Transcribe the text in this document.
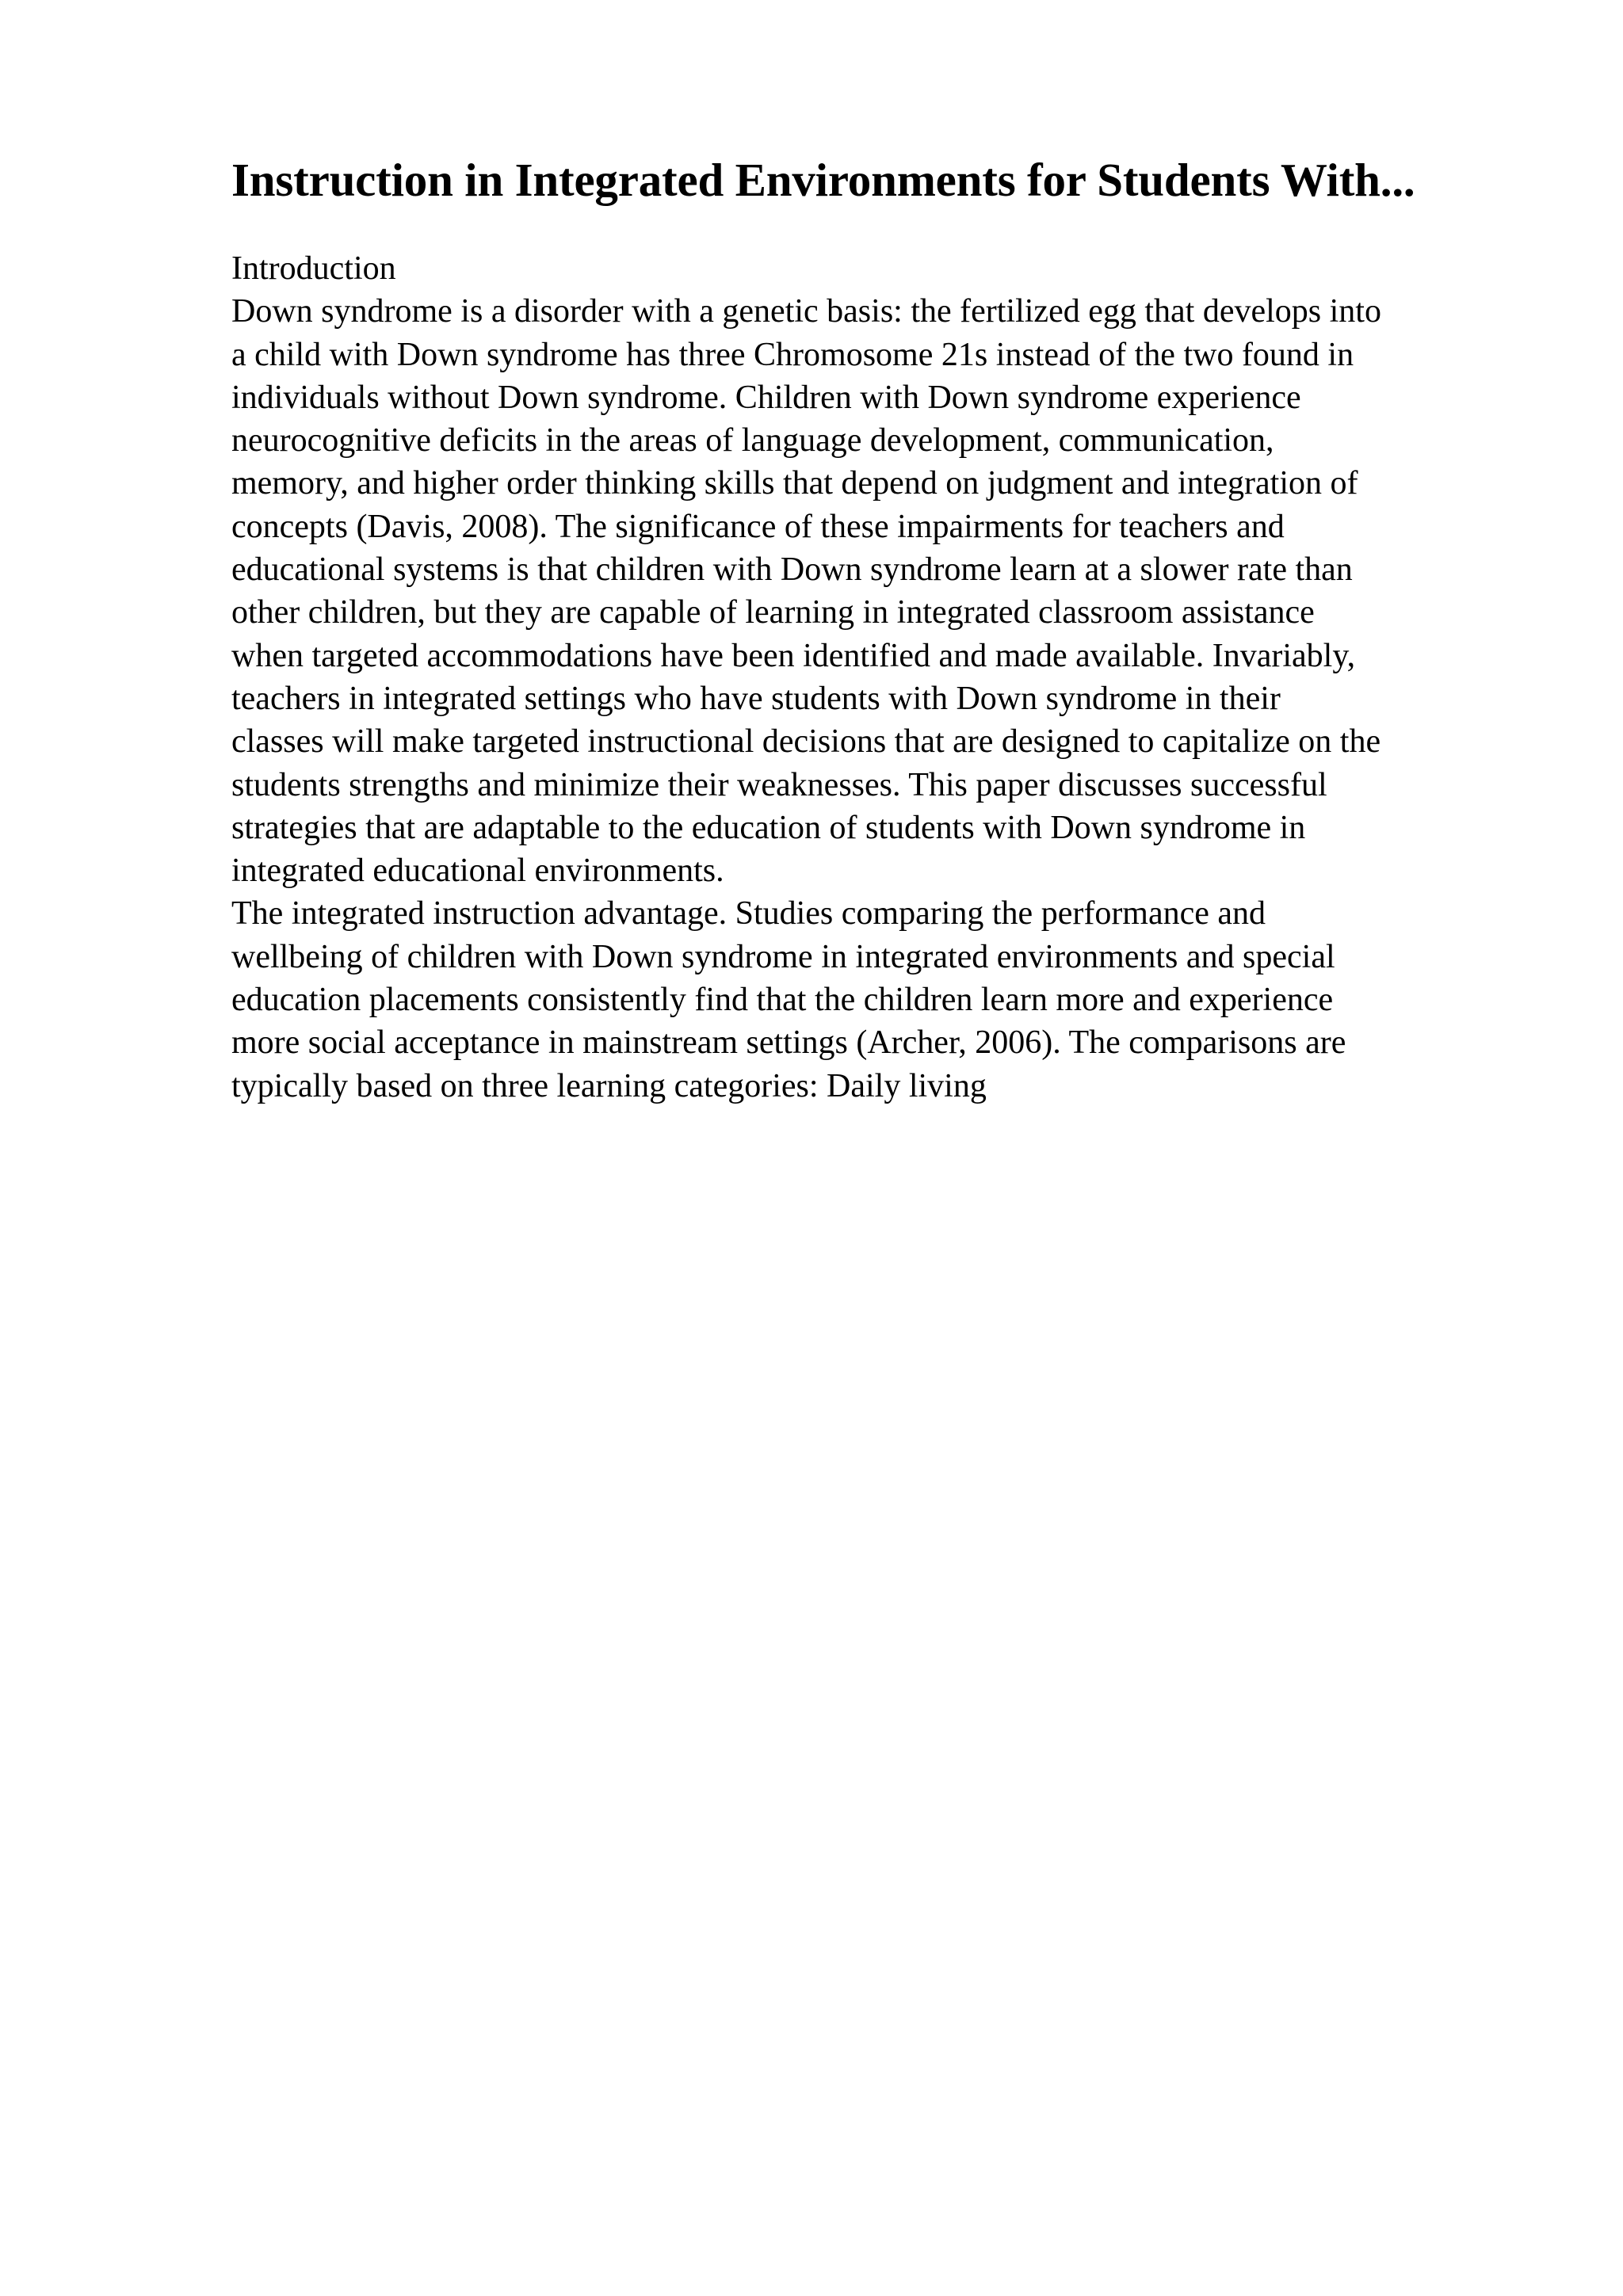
Instruction in Integrated Environments for Students With...
Introduction
Down syndrome is a disorder with a genetic basis: the fertilized egg that develops into
a child with Down syndrome has three Chromosome 21s instead of the two found in
individuals without Down syndrome. Children with Down syndrome experience
neurocognitive deficits in the areas of language development, communication,
memory, and higher order thinking skills that depend on judgment and integration of
concepts (Davis, 2008). The significance of these impairments for teachers and
educational systems is that children with Down syndrome learn at a slower rate than
other children, but they are capable of learning in integrated classroom assistance
when targeted accommodations have been identified and made available. Invariably,
teachers in integrated settings who have students with Down syndrome in their
classes will make targeted instructional decisions that are designed to capitalize on the
students strengths and minimize their weaknesses. This paper discusses successful
strategies that are adaptable to the education of students with Down syndrome in
integrated educational environments.
The integrated instruction advantage. Studies comparing the performance and
wellbeing of children with Down syndrome in integrated environments and special
education placements consistently find that the children learn more and experience
more social acceptance in mainstream settings (Archer, 2006). The comparisons are
typically based on three learning categories: Daily living
